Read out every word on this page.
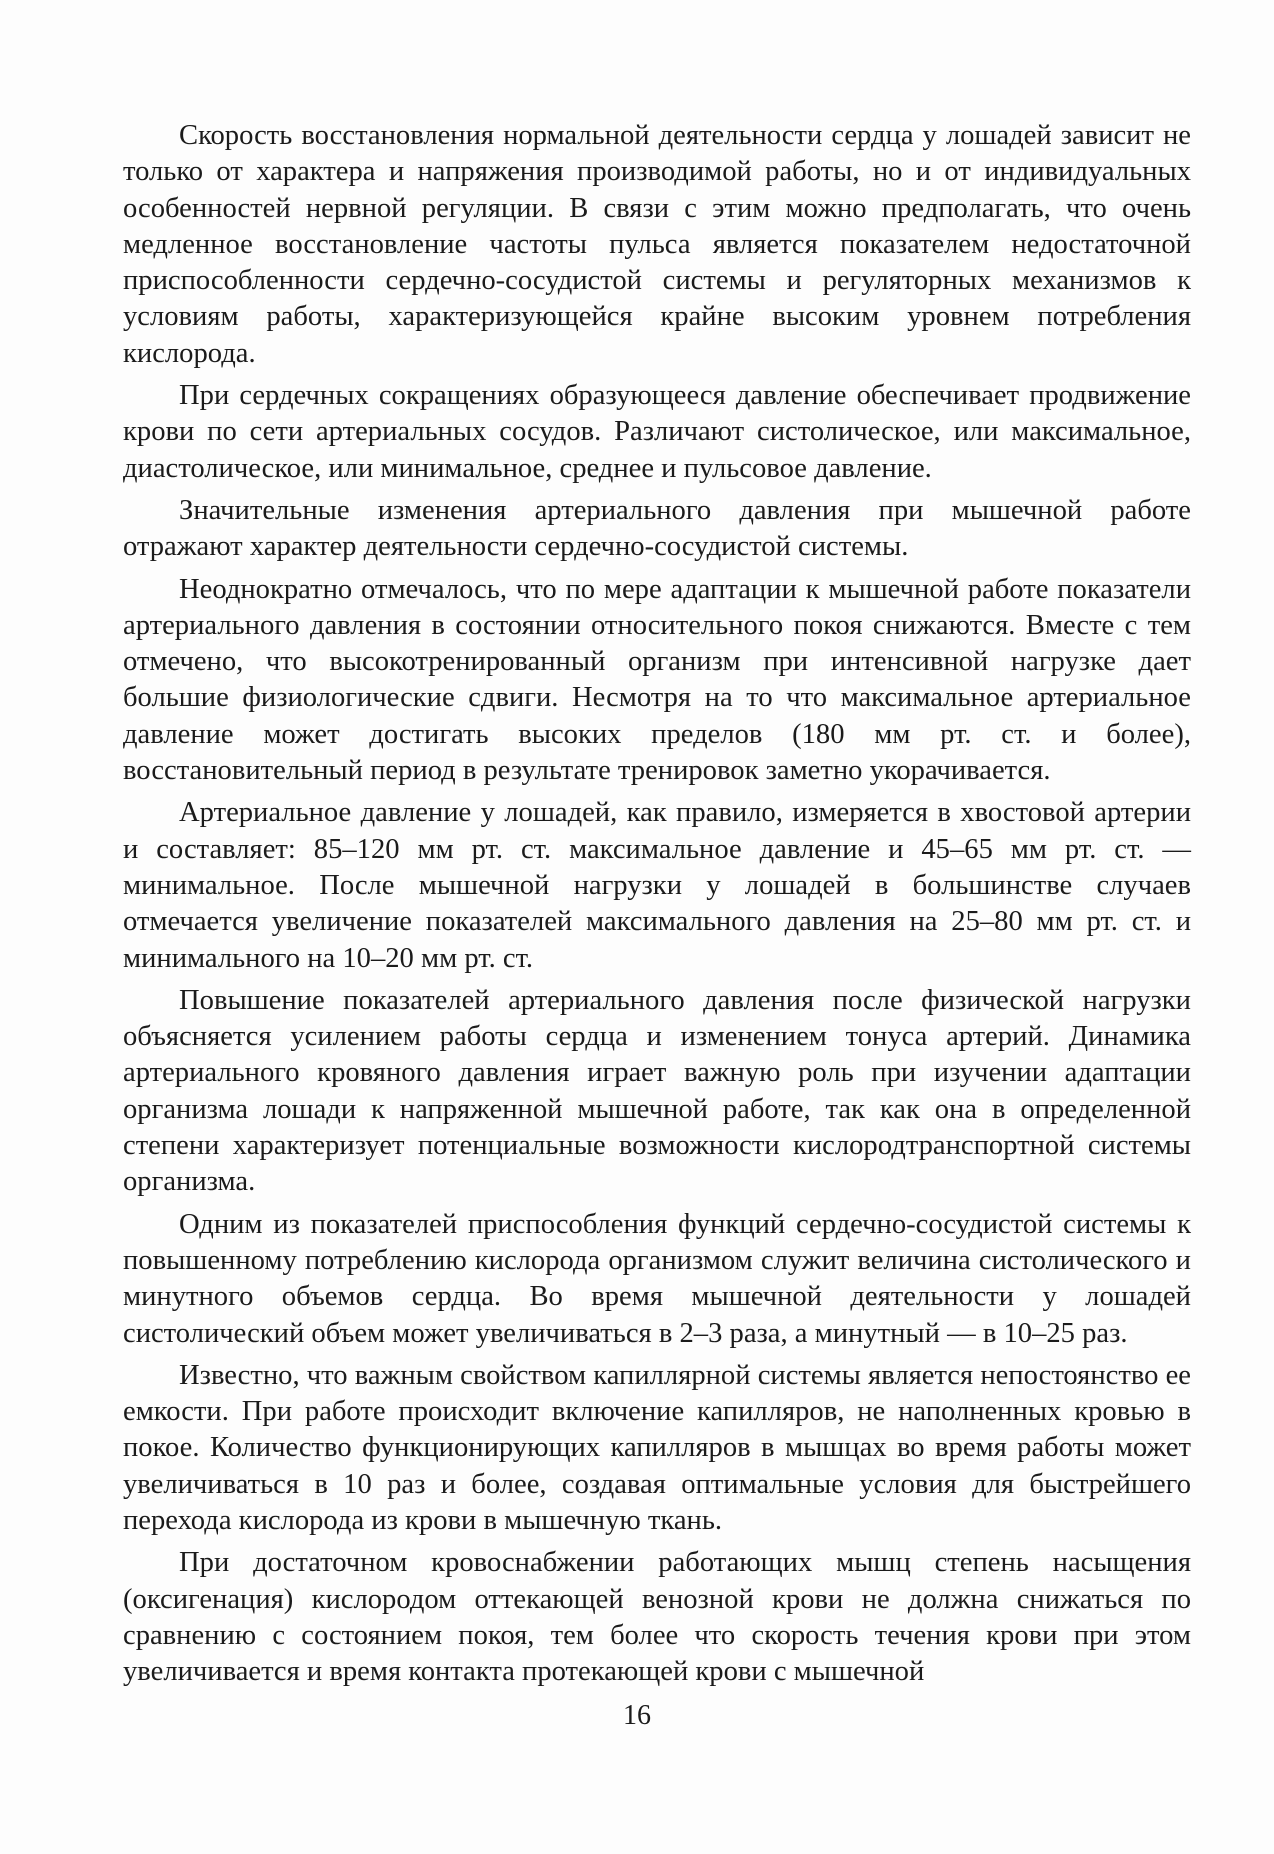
Скорость восстановления нормальной деятельности сердца у лошадей зависит не только от характера и напряжения производимой работы, но и от индивидуальных особенностей нервной регуляции. В связи с этим можно предполагать, что очень медленное восстановление частоты пульса является показателем недостаточной приспособленности сердечно-сосудистой системы и регуляторных механизмов к условиям работы, характеризующейся крайне высоким уровнем потребления кислорода.

При сердечных сокращениях образующееся давление обеспечивает продвижение крови по сети артериальных сосудов. Различают систолическое, или максимальное, диастолическое, или минимальное, среднее и пульсовое давление.

Значительные изменения артериального давления при мышечной работе отражают характер деятельности сердечно-сосудистой системы.

Неоднократно отмечалось, что по мере адаптации к мышечной работе показатели артериального давления в состоянии относительного покоя снижаются. Вместе с тем отмечено, что высокотренированный организм при интенсивной нагрузке дает большие физиологические сдвиги. Несмотря на то что максимальное артериальное давление может достигать высоких пределов (180 мм рт. ст. и более), восстановительный период в результате тренировок заметно укорачивается.

Артериальное давление у лошадей, как правило, измеряется в хвостовой артерии и составляет: 85–120 мм рт. ст. максимальное давление и 45–65 мм рт. ст. — минимальное. После мышечной нагрузки у лошадей в большинстве случаев отмечается увеличение показателей максимального давления на 25–80 мм рт. ст. и минимального на 10–20 мм рт. ст.

Повышение показателей артериального давления после физической нагрузки объясняется усилением работы сердца и изменением тонуса артерий. Динамика артериального кровяного давления играет важную роль при изучении адаптации организма лошади к напряженной мышечной работе, так как она в определенной степени характеризует потенциальные возможности кислородтранспортной системы организма.

Одним из показателей приспособления функций сердечно-сосудистой системы к повышенному потреблению кислорода организмом служит величина систолического и минутного объемов сердца. Во время мышечной деятельности у лошадей систолический объем может увеличиваться в 2–3 раза, а минутный — в 10–25 раз.

Известно, что важным свойством капиллярной системы является непостоянство ее емкости. При работе происходит включение капилляров, не наполненных кровью в покое. Количество функционирующих капилляров в мышцах во время работы может увеличиваться в 10 раз и более, создавая оптимальные условия для быстрейшего перехода кислорода из крови в мышечную ткань.

При достаточном кровоснабжении работающих мышц степень насыщения (оксигенация) кислородом оттекающей венозной крови не должна снижаться по сравнению с состоянием покоя, тем более что скорость течения крови при этом увеличивается и время контакта протекающей крови с мышечной

16
